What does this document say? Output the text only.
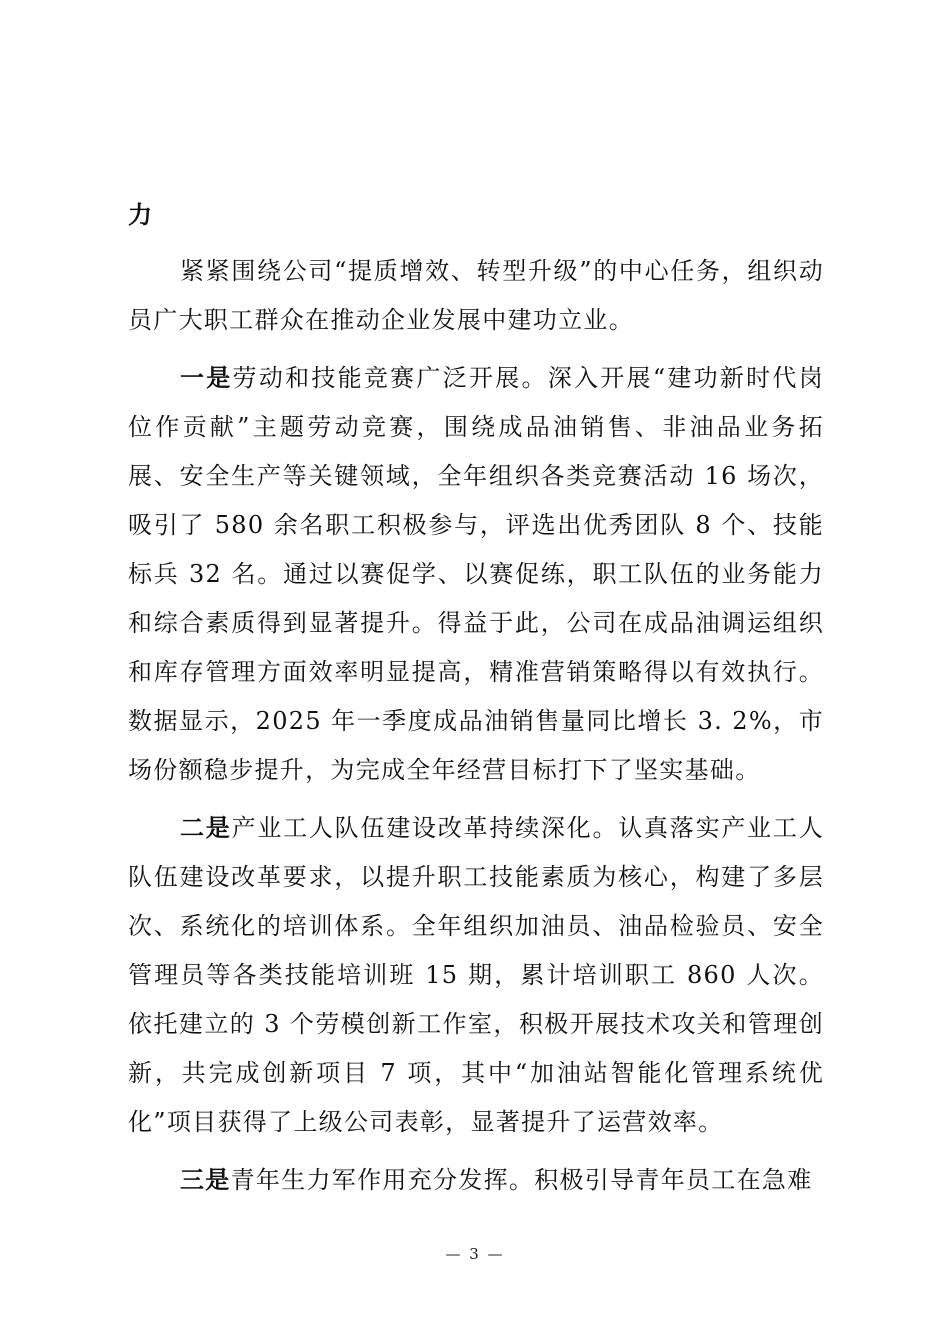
力

紧紧围绕公司“提质增效、转型升级”的中心任务，组织动员广大职工群众在推动企业发展中建功立业。

一是劳动和技能竞赛广泛开展。深入开展“建功新时代岗位作贡献”主题劳动竞赛，围绕成品油销售、非油品业务拓展、安全生产等关键领域，全年组织各类竞赛活动 16 场次，吸引了 580 余名职工积极参与，评选出优秀团队 8 个、技能标兵 32 名。通过以赛促学、以赛促练，职工队伍的业务能力和综合素质得到显著提升。得益于此，公司在成品油调运组织和库存管理方面效率明显提高，精准营销策略得以有效执行。数据显示，2025 年一季度成品油销售量同比增长 3. 2%，市场份额稳步提升，为完成全年经营目标打下了坚实基础。

二是产业工人队伍建设改革持续深化。认真落实产业工人队伍建设改革要求，以提升职工技能素质为核心，构建了多层次、系统化的培训体系。全年组织加油员、油品检验员、安全管理员等各类技能培训班 15 期，累计培训职工 860 人次。依托建立的 3 个劳模创新工作室，积极开展技术攻关和管理创新，共完成创新项目 7 项，其中“加油站智能化管理系统优化”项目获得了上级公司表彰，显著提升了运营效率。

三是青年生力军作用充分发挥。积极引导青年员工在急难

— 3 —
